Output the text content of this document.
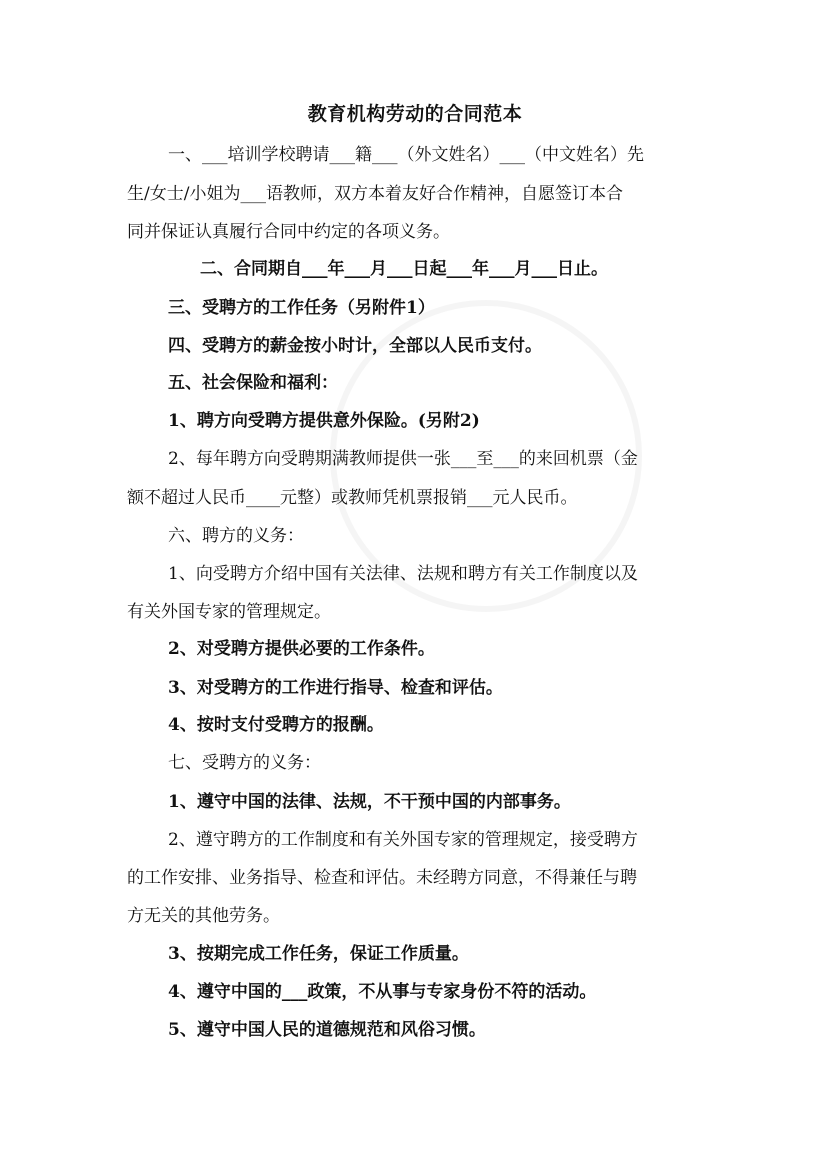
教育机构劳动的合同范本
一、___培训学校聘请___籍___（外文姓名）___（中文姓名）先
生/女士/小姐为___语教师，双方本着友好合作精神，自愿签订本合
同并保证认真履行合同中约定的各项义务。
二、合同期自___年___月___日起___年___月___日止。
三、受聘方的工作任务（另附件1）
四、受聘方的薪金按小时计，全部以人民币支付。
五、社会保险和福利：
1、聘方向受聘方提供意外保险。(另附2)
2、每年聘方向受聘期满教师提供一张___至___的来回机票（金
额不超过人民币____元整）或教师凭机票报销___元人民币。
六、聘方的义务：
1、向受聘方介绍中国有关法律、法规和聘方有关工作制度以及
有关外国专家的管理规定。
2、对受聘方提供必要的工作条件。
3、对受聘方的工作进行指导、检查和评估。
4、按时支付受聘方的报酬。
七、受聘方的义务：
1、遵守中国的法律、法规，不干预中国的内部事务。
2、遵守聘方的工作制度和有关外国专家的管理规定，接受聘方
的工作安排、业务指导、检查和评估。未经聘方同意，不得兼任与聘
方无关的其他劳务。
3、按期完成工作任务，保证工作质量。
4、遵守中国的___政策，不从事与专家身份不符的活动。
5、遵守中国人民的道德规范和风俗习惯。
